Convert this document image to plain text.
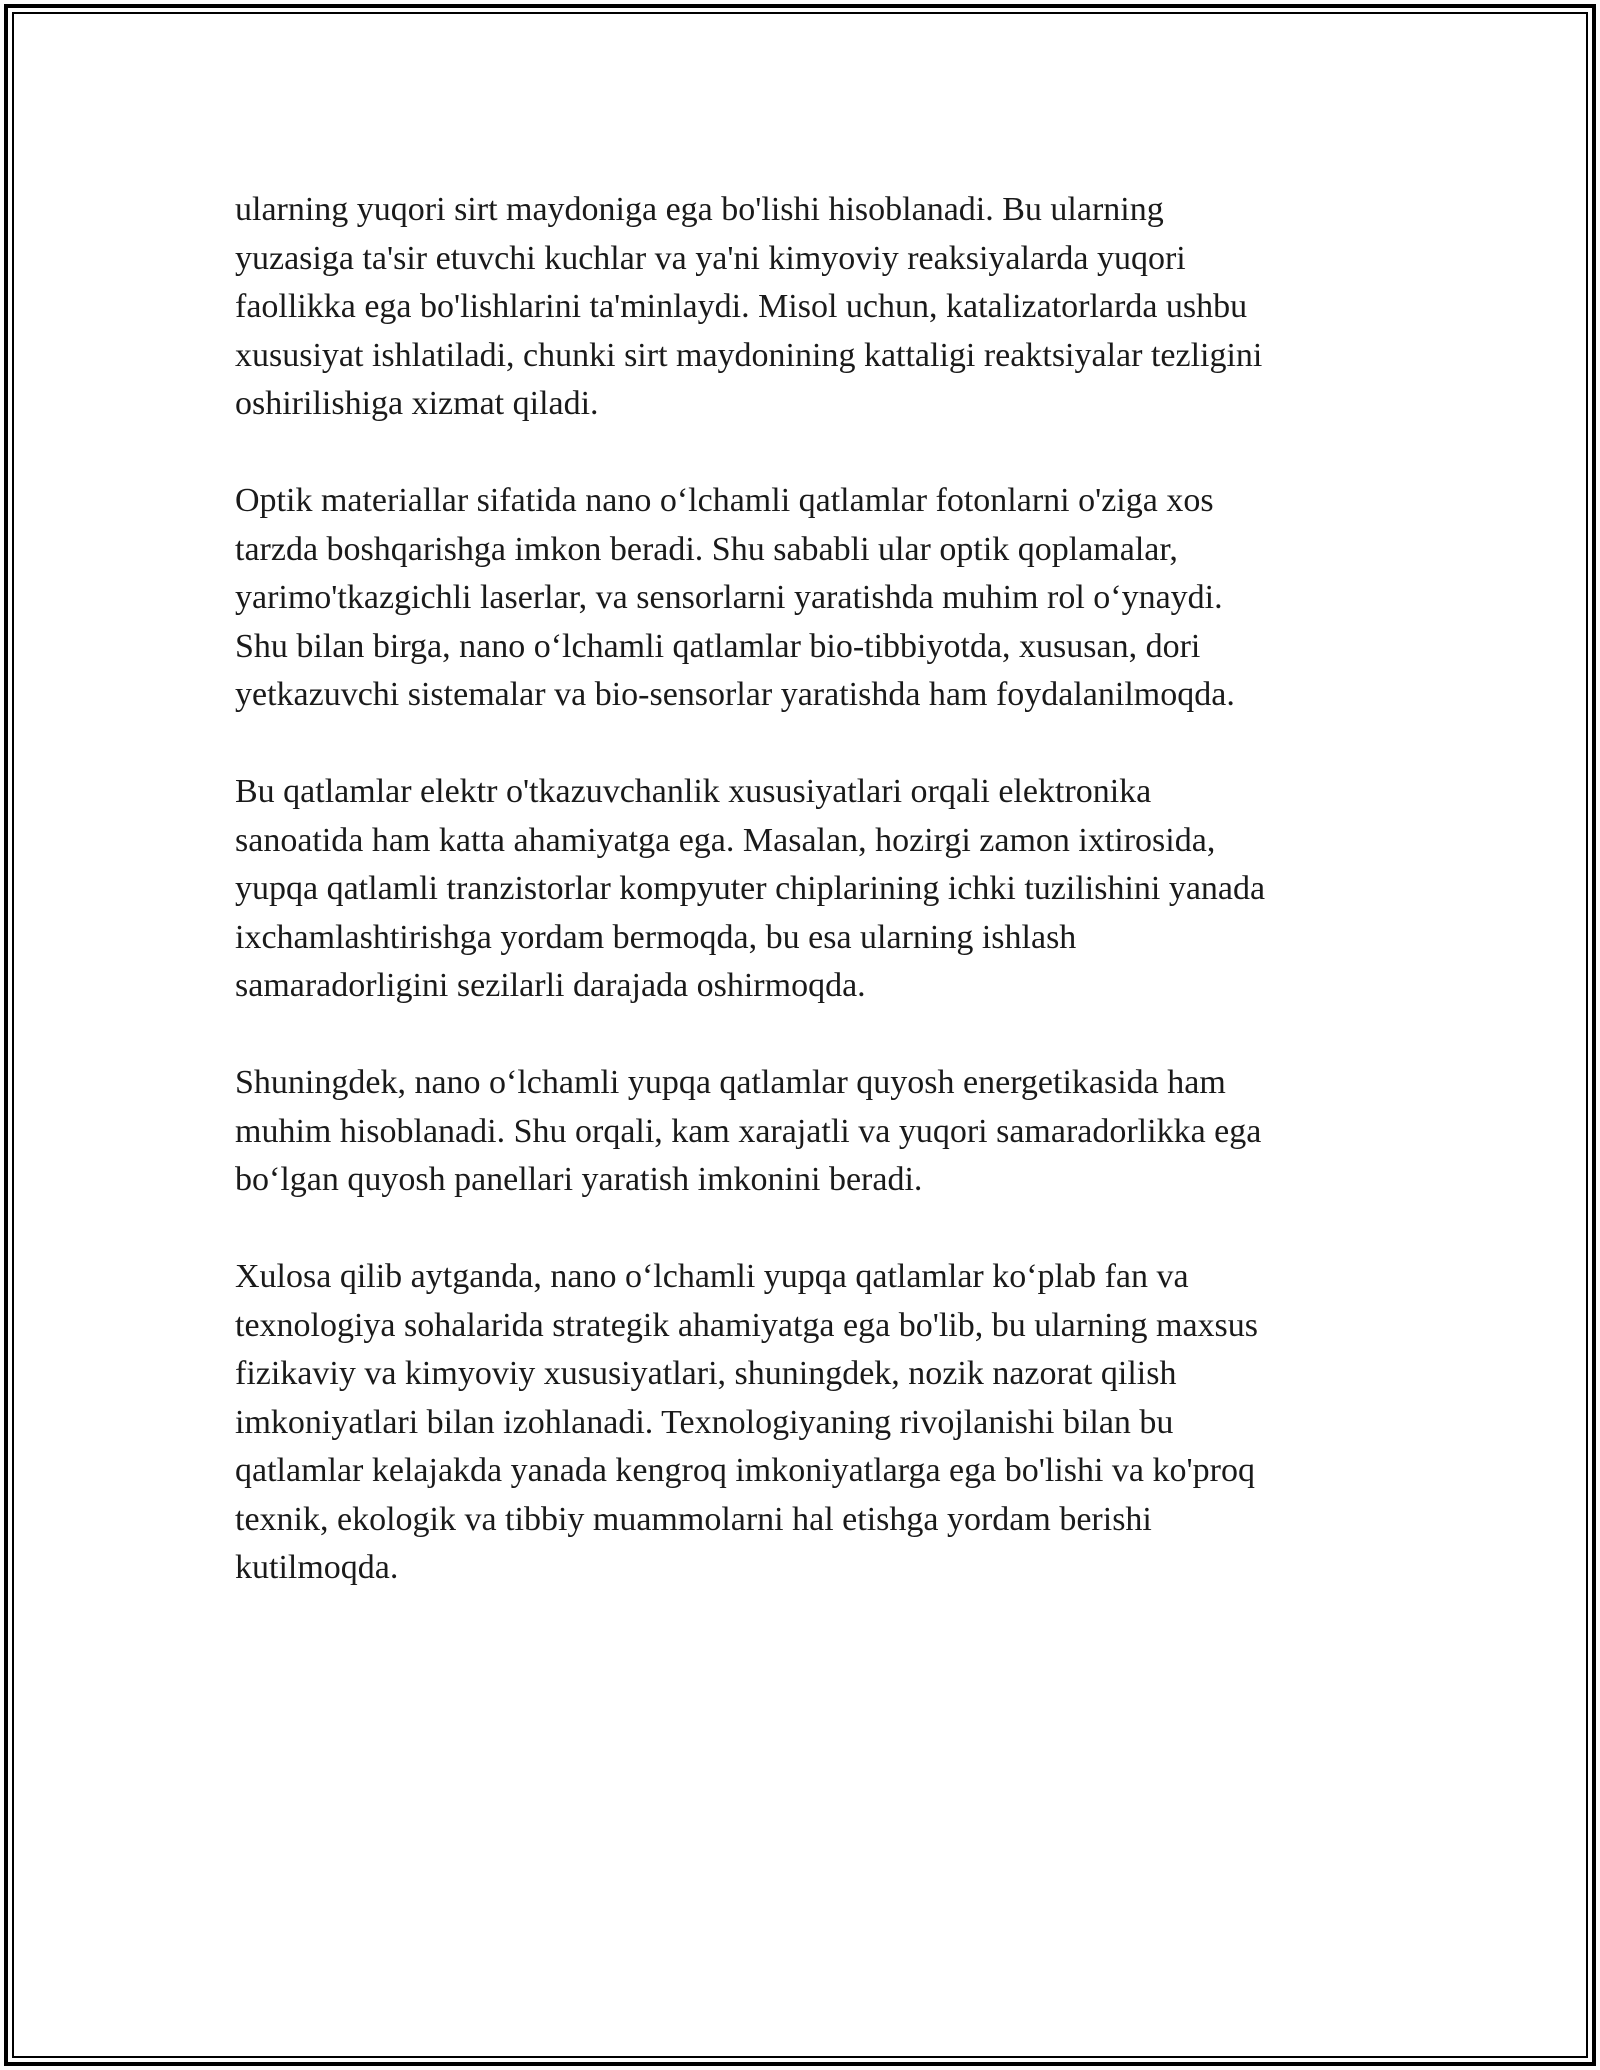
ularning yuqori sirt maydoniga ega bo'lishi hisoblanadi. Bu ularning
yuzasiga ta'sir etuvchi kuchlar va ya'ni kimyoviy reaksiyalarda yuqori
faollikka ega bo'lishlarini ta'minlaydi. Misol uchun, katalizatorlarda ushbu
xususiyat ishlatiladi, chunki sirt maydonining kattaligi reaktsiyalar tezligini
oshirilishiga xizmat qiladi.

Optik materiallar sifatida nano o‘lchamli qatlamlar fotonlarni o'ziga xos
tarzda boshqarishga imkon beradi. Shu sababli ular optik qoplamalar,
yarimo'tkazgichli laserlar, va sensorlarni yaratishda muhim rol o‘ynaydi.
Shu bilan birga, nano o‘lchamli qatlamlar bio-tibbiyotda, xususan, dori
yetkazuvchi sistemalar va bio-sensorlar yaratishda ham foydalanilmoqda.

Bu qatlamlar elektr o'tkazuvchanlik xususiyatlari orqali elektronika
sanoatida ham katta ahamiyatga ega. Masalan, hozirgi zamon ixtirosida,
yupqa qatlamli tranzistorlar kompyuter chiplarining ichki tuzilishini yanada
ixchamlashtirishga yordam bermoqda, bu esa ularning ishlash
samaradorligini sezilarli darajada oshirmoqda.

Shuningdek, nano o‘lchamli yupqa qatlamlar quyosh energetikasida ham
muhim hisoblanadi. Shu orqali, kam xarajatli va yuqori samaradorlikka ega
bo‘lgan quyosh panellari yaratish imkonini beradi.

Xulosa qilib aytganda, nano o‘lchamli yupqa qatlamlar ko‘plab fan va
texnologiya sohalarida strategik ahamiyatga ega bo'lib, bu ularning maxsus
fizikaviy va kimyoviy xususiyatlari, shuningdek, nozik nazorat qilish
imkoniyatlari bilan izohlanadi. Texnologiyaning rivojlanishi bilan bu
qatlamlar kelajakda yanada kengroq imkoniyatlarga ega bo'lishi va ko'proq
texnik, ekologik va tibbiy muammolarni hal etishga yordam berishi
kutilmoqda.
